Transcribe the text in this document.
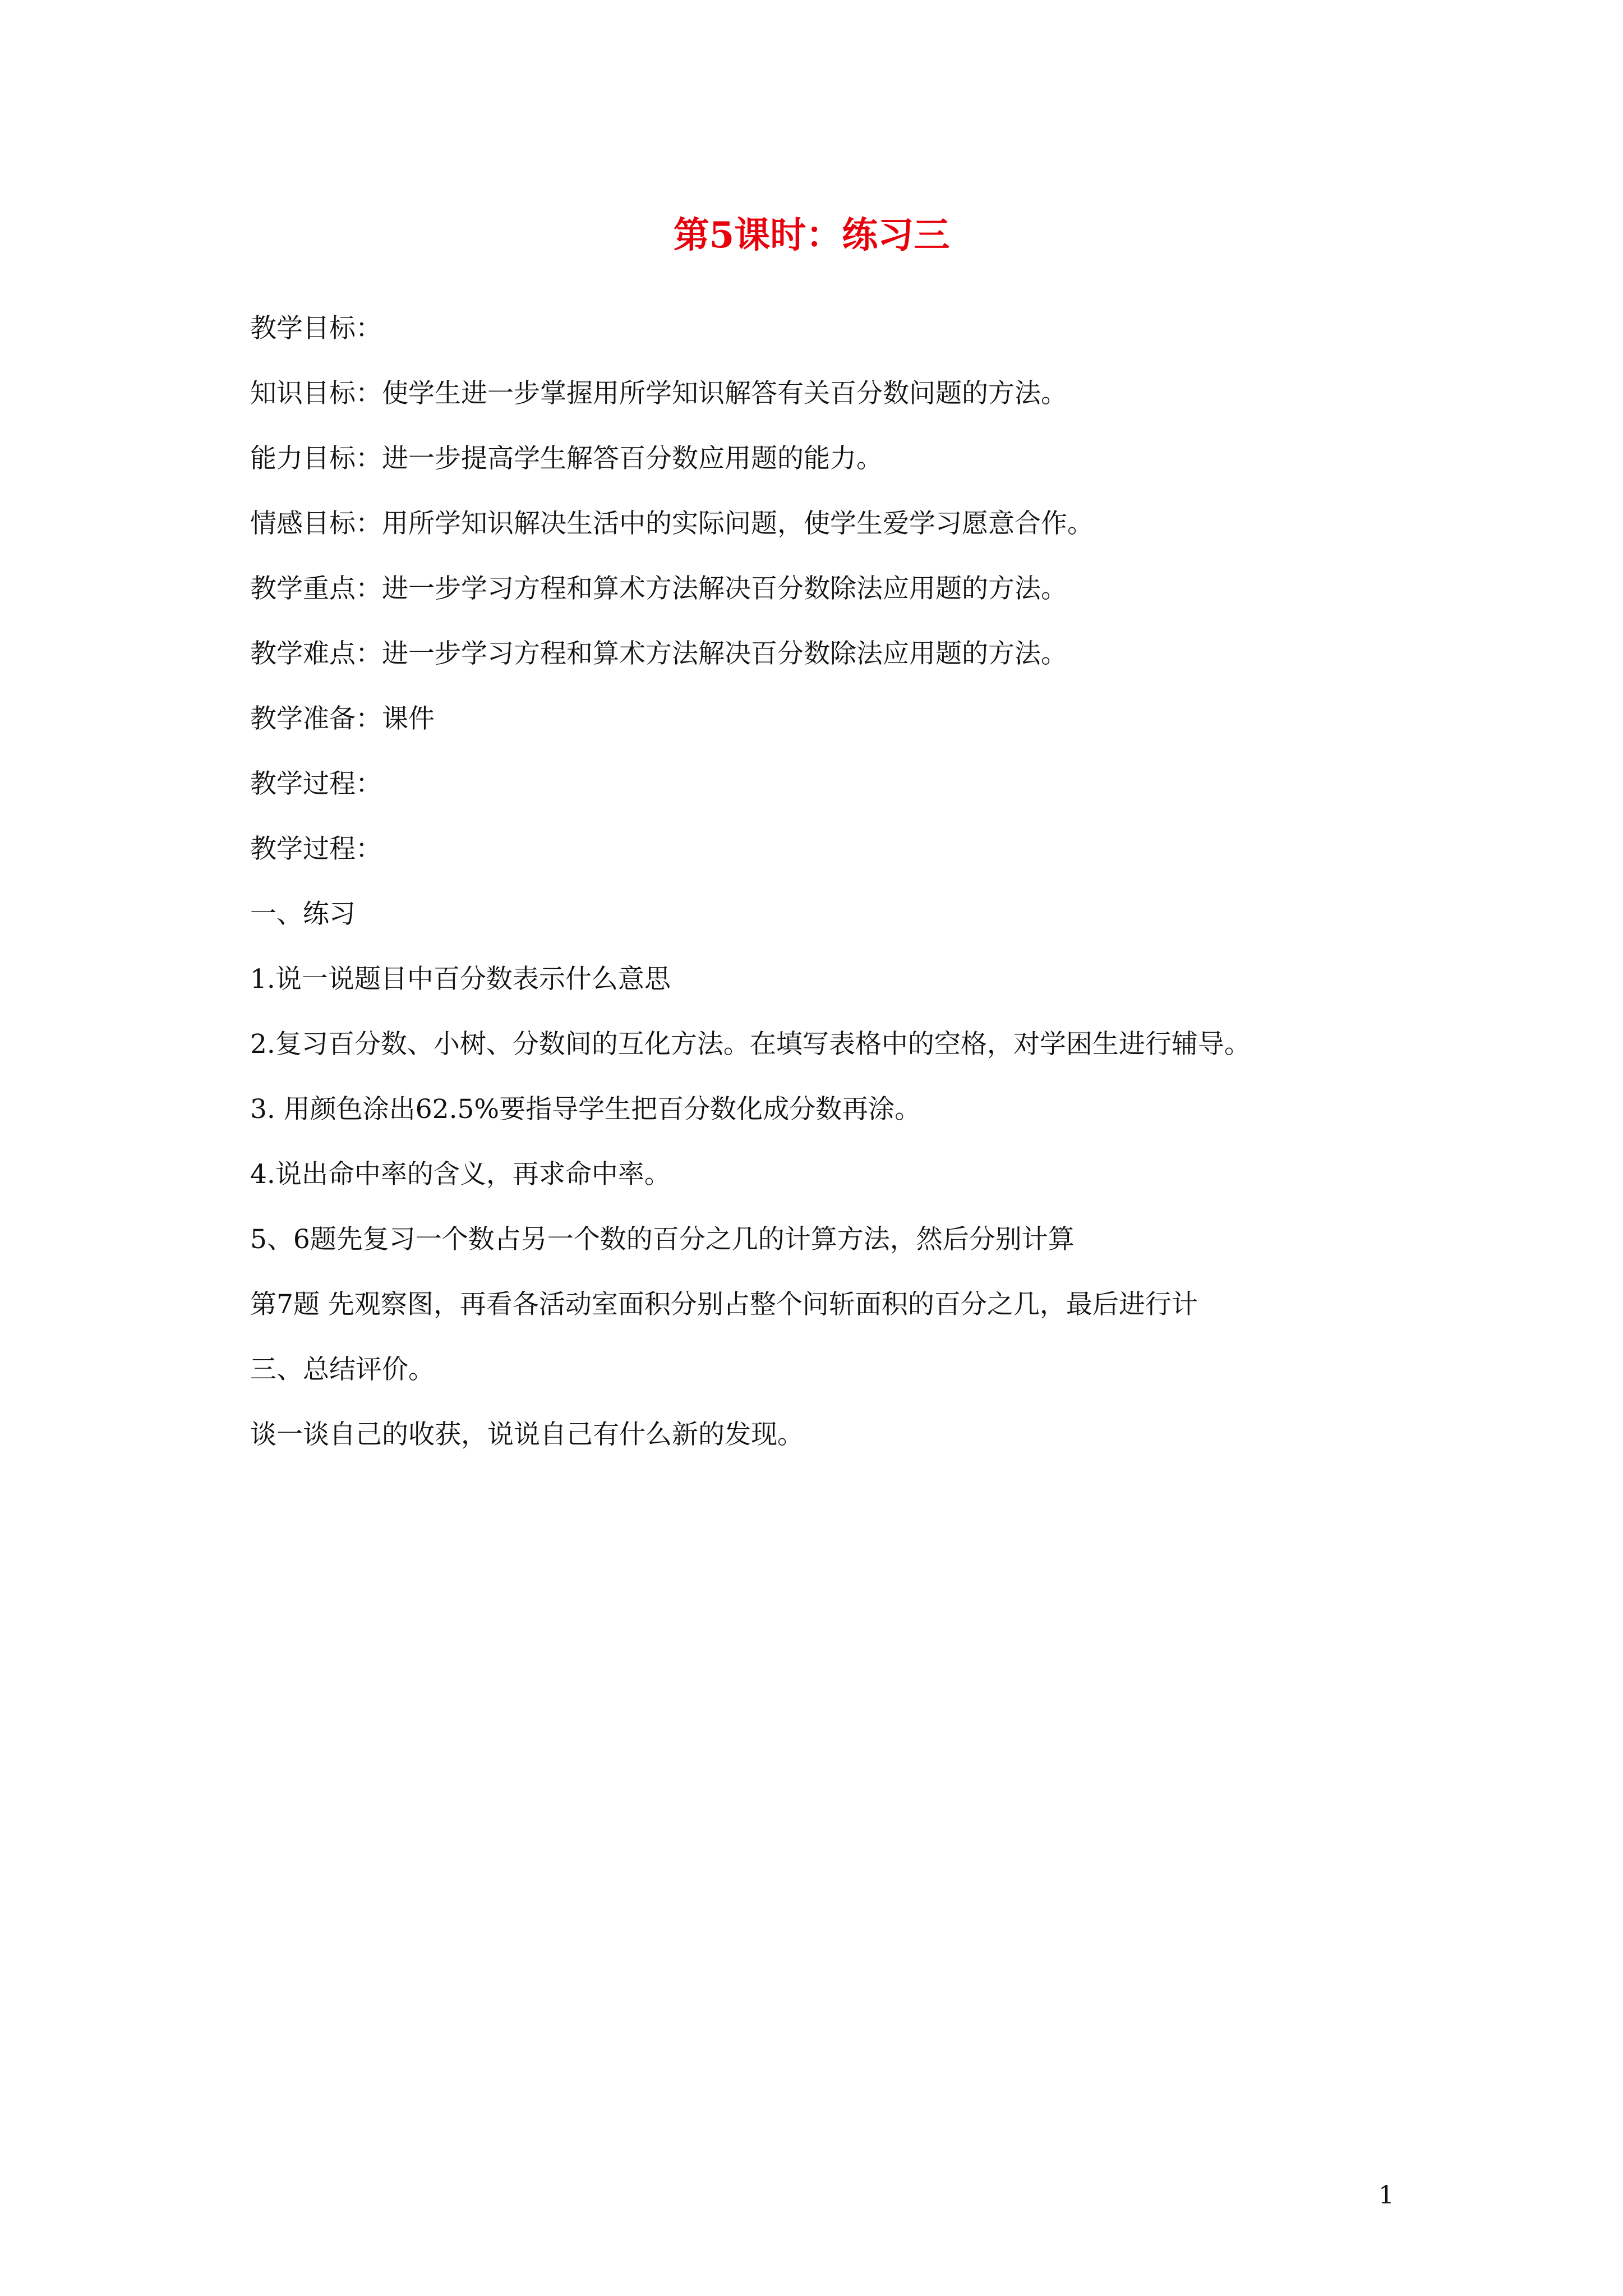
第5课时：练习三

教学目标：

知识目标：使学生进一步掌握用所学知识解答有关百分数问题的方法。

能力目标：进一步提高学生解答百分数应用题的能力。

情感目标：用所学知识解决生活中的实际问题，使学生爱学习愿意合作。

教学重点：进一步学习方程和算术方法解决百分数除法应用题的方法。

教学难点：进一步学习方程和算术方法解决百分数除法应用题的方法。

教学准备：课件

教学过程：

教学过程：

一、练习

1.说一说题目中百分数表示什么意思

2.复习百分数、小树、分数间的互化方法。在填写表格中的空格，对学困生进行辅导。

3. 用颜色涂出62.5%要指导学生把百分数化成分数再涂。

4.说出命中率的含义，再求命中率。

5、6题先复习一个数占另一个数的百分之几的计算方法，然后分别计算

第7题 先观察图，再看各活动室面积分别占整个问斩面积的百分之几，最后进行计

三、总结评价。

谈一谈自己的收获，说说自己有什么新的发现。

1
